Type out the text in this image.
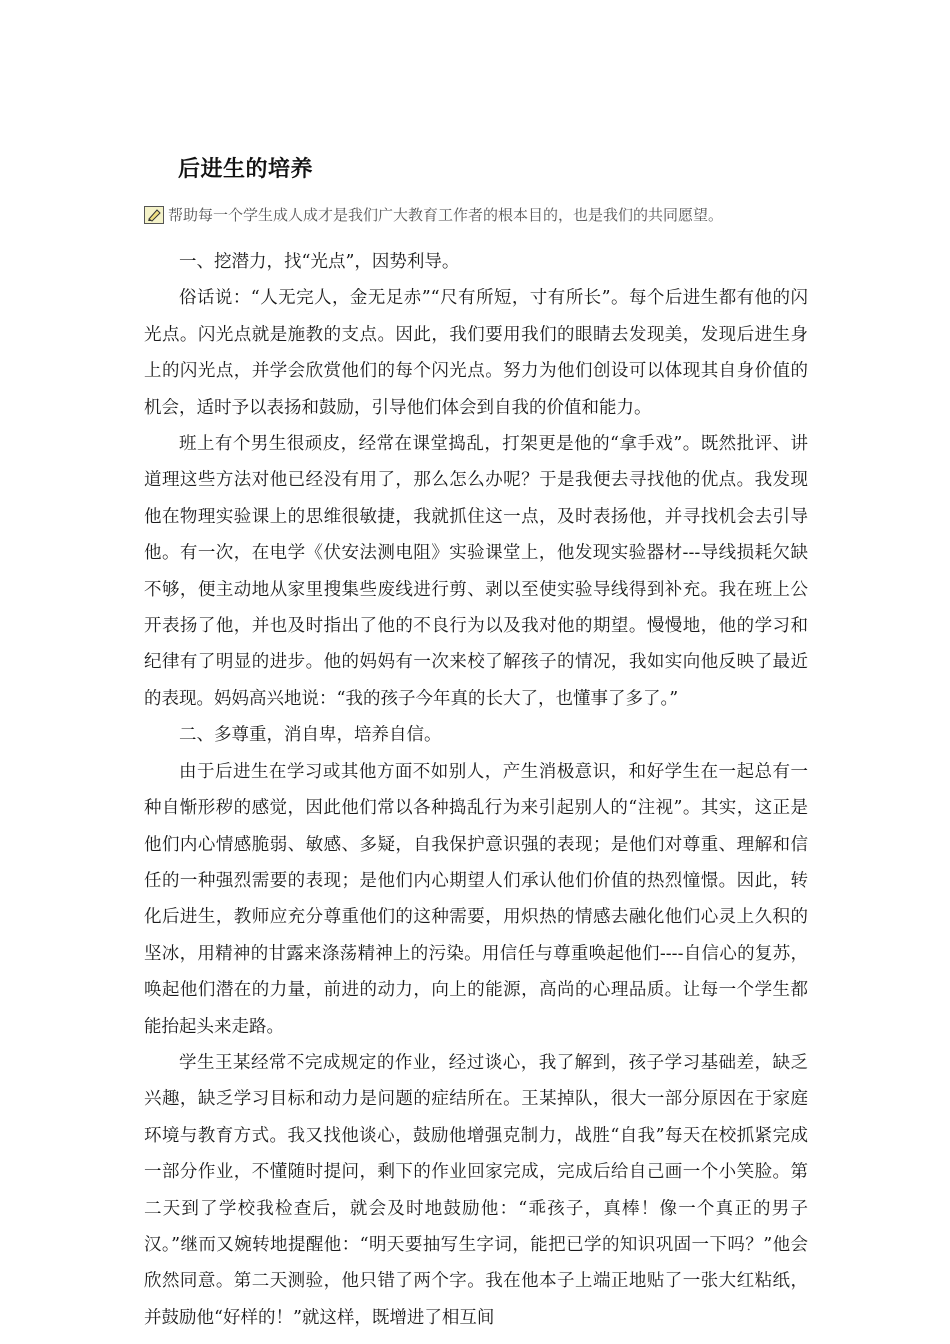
后进生的培养
帮助每一个学生成人成才是我们广大教育工作者的根本目的，也是我们的共同愿望。

一、挖潜力，找“光点”，因势利导。

俗话说：“人无完人，金无足赤”“尺有所短，寸有所长”。每个后进生都有他的闪光点。闪光点就是施教的支点。因此，我们要用我们的眼睛去发现美，发现后进生身上的闪光点，并学会欣赏他们的每个闪光点。努力为他们创设可以体现其自身价值的机会，适时予以表扬和鼓励，引导他们体会到自我的价值和能力。

班上有个男生很顽皮，经常在课堂捣乱，打架更是他的“拿手戏”。既然批评、讲道理这些方法对他已经没有用了，那么怎么办呢？于是我便去寻找他的优点。我发现他在物理实验课上的思维很敏捷，我就抓住这一点，及时表扬他，并寻找机会去引导他。有一次，在电学《伏安法测电阻》实验课堂上，他发现实验器材---导线损耗欠缺不够，便主动地从家里搜集些废线进行剪、剥以至使实验导线得到补充。我在班上公开表扬了他，并也及时指出了他的不良行为以及我对他的期望。慢慢地，他的学习和纪律有了明显的进步。他的妈妈有一次来校了解孩子的情况，我如实向他反映了最近的表现。妈妈高兴地说：“我的孩子今年真的长大了，也懂事了多了。”

二、多尊重，消自卑，培养自信。

由于后进生在学习或其他方面不如别人，产生消极意识，和好学生在一起总有一种自惭形秽的感觉，因此他们常以各种捣乱行为来引起别人的“注视”。其实，这正是他们内心情感脆弱、敏感、多疑，自我保护意识强的表现；是他们对尊重、理解和信任的一种强烈需要的表现；是他们内心期望人们承认他们价值的热烈憧憬。因此，转化后进生，教师应充分尊重他们的这种需要，用炽热的情感去融化他们心灵上久积的坚冰，用精神的甘露来涤荡精神上的污染。用信任与尊重唤起他们----自信心的复苏，唤起他们潜在的力量，前进的动力，向上的能源，高尚的心理品质。让每一个学生都能抬起头来走路。

学生王某经常不完成规定的作业，经过谈心，我了解到，孩子学习基础差，缺乏兴趣，缺乏学习目标和动力是问题的症结所在。王某掉队，很大一部分原因在于家庭环境与教育方式。我又找他谈心，鼓励他增强克制力，战胜“自我”每天在校抓紧完成一部分作业，不懂随时提问，剩下的作业回家完成，完成后给自己画一个小笑脸。第二天到了学校我检查后，就会及时地鼓励他：“乖孩子，真棒！像一个真正的男子汉。”继而又婉转地提醒他：“明天要抽写生字词，能把已学的知识巩固一下吗？”他会欣然同意。第二天测验，他只错了两个字。我在他本子上端正地贴了一张大红粘纸，并鼓励他“好样的！”就这样，既增进了相互间
